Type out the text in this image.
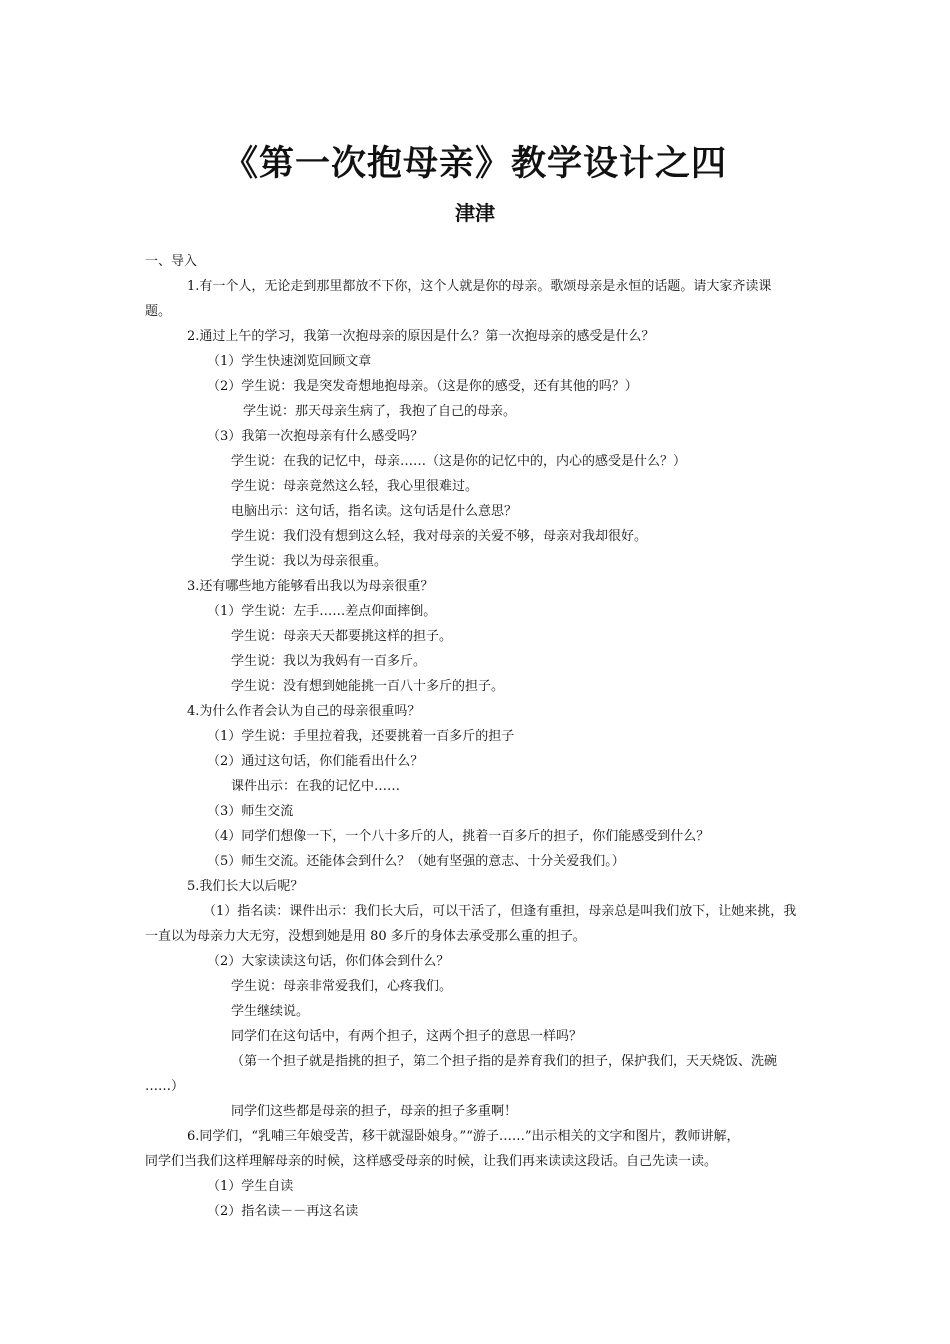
《第一次抱母亲》教学设计之四
津津
一、导入
1.有一个人，无论走到那里都放不下你，这个人就是你的母亲。歌颂母亲是永恒的话题。请大家齐读课
题。
2.通过上午的学习，我第一次抱母亲的原因是什么？第一次抱母亲的感受是什么？
（1）学生快速浏览回顾文章
（2）学生说：我是突发奇想地抱母亲。（这是你的感受，还有其他的吗？）
学生说：那天母亲生病了，我抱了自己的母亲。
（3）我第一次抱母亲有什么感受吗？
学生说：在我的记忆中，母亲……（这是你的记忆中的，内心的感受是什么？）
学生说：母亲竟然这么轻，我心里很难过。
电脑出示：这句话，指名读。这句话是什么意思？
学生说：我们没有想到这么轻，我对母亲的关爱不够，母亲对我却很好。
学生说：我以为母亲很重。
3.还有哪些地方能够看出我以为母亲很重？
（1）学生说：左手……差点仰面摔倒。
学生说：母亲天天都要挑这样的担子。
学生说：我以为我妈有一百多斤。
学生说：没有想到她能挑一百八十多斤的担子。
4.为什么作者会认为自己的母亲很重吗？
（1）学生说：手里拉着我，还要挑着一百多斤的担子
（2）通过这句话，你们能看出什么？
课件出示：在我的记忆中……
（3）师生交流
（4）同学们想像一下，一个八十多斤的人，挑着一百多斤的担子，你们能感受到什么？
（5）师生交流。还能体会到什么？（她有坚强的意志、十分关爱我们。）
5.我们长大以后呢？
（1）指名读：课件出示：我们长大后，可以干活了，但逢有重担，母亲总是叫我们放下，让她来挑，我
一直以为母亲力大无穷，没想到她是用 80 多斤的身体去承受那么重的担子。
（2）大家读读这句话，你们体会到什么？
学生说：母亲非常爱我们，心疼我们。
学生继续说。
同学们在这句话中，有两个担子，这两个担子的意思一样吗？
（第一个担子就是指挑的担子，第二个担子指的是养育我们的担子，保护我们，天天烧饭、洗碗
……）
同学们这些都是母亲的担子，母亲的担子多重啊！
6.同学们，“乳哺三年娘受苦，移干就湿卧娘身。”“游子……”出示相关的文字和图片，教师讲解，
同学们当我们这样理解母亲的时候，这样感受母亲的时候，让我们再来读读这段话。自己先读一读。
（1）学生自读
（2）指名读－－再这名读
